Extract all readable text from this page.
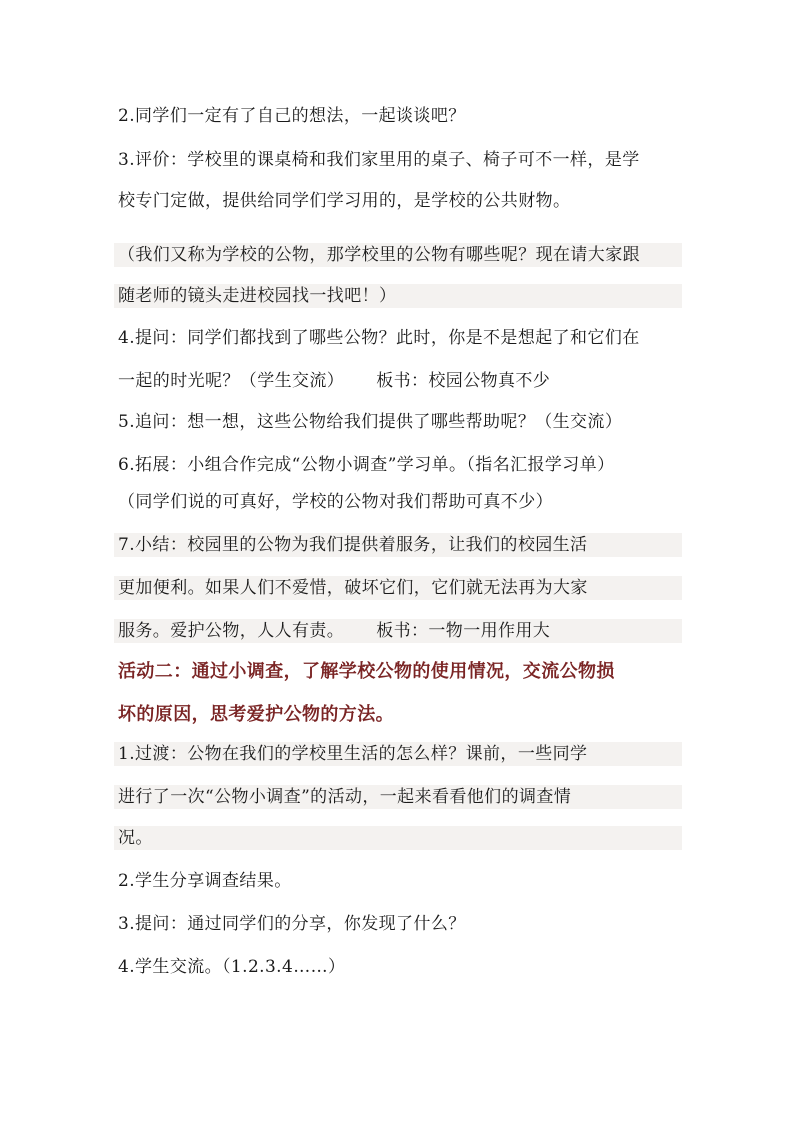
2.同学们一定有了自己的想法，一起谈谈吧？
3.评价：学校里的课桌椅和我们家里用的桌子、椅子可不一样，是学
校专门定做，提供给同学们学习用的，是学校的公共财物。
（我们又称为学校的公物，那学校里的公物有哪些呢？现在请大家跟
随老师的镜头走进校园找一找吧！）
4.提问：同学们都找到了哪些公物？此时，你是不是想起了和它们在
一起的时光呢？（学生交流） 板书：校园公物真不少
5.追问：想一想，这些公物给我们提供了哪些帮助呢？（生交流）
6.拓展：小组合作完成“公物小调查”学习单。（指名汇报学习单）
（同学们说的可真好，学校的公物对我们帮助可真不少）
7.小结：校园里的公物为我们提供着服务，让我们的校园生活
更加便利。如果人们不爱惜，破坏它们，它们就无法再为大家
服务。爱护公物，人人有责。 板书：一物一用作用大
活动二：通过小调查，了解学校公物的使用情况，交流公物损
坏的原因，思考爱护公物的方法。
1.过渡：公物在我们的学校里生活的怎么样？课前，一些同学
进行了一次“公物小调查”的活动，一起来看看他们的调查情
况。
2.学生分享调查结果。
3.提问：通过同学们的分享，你发现了什么？
4.学生交流。（1.2.3.4……）
